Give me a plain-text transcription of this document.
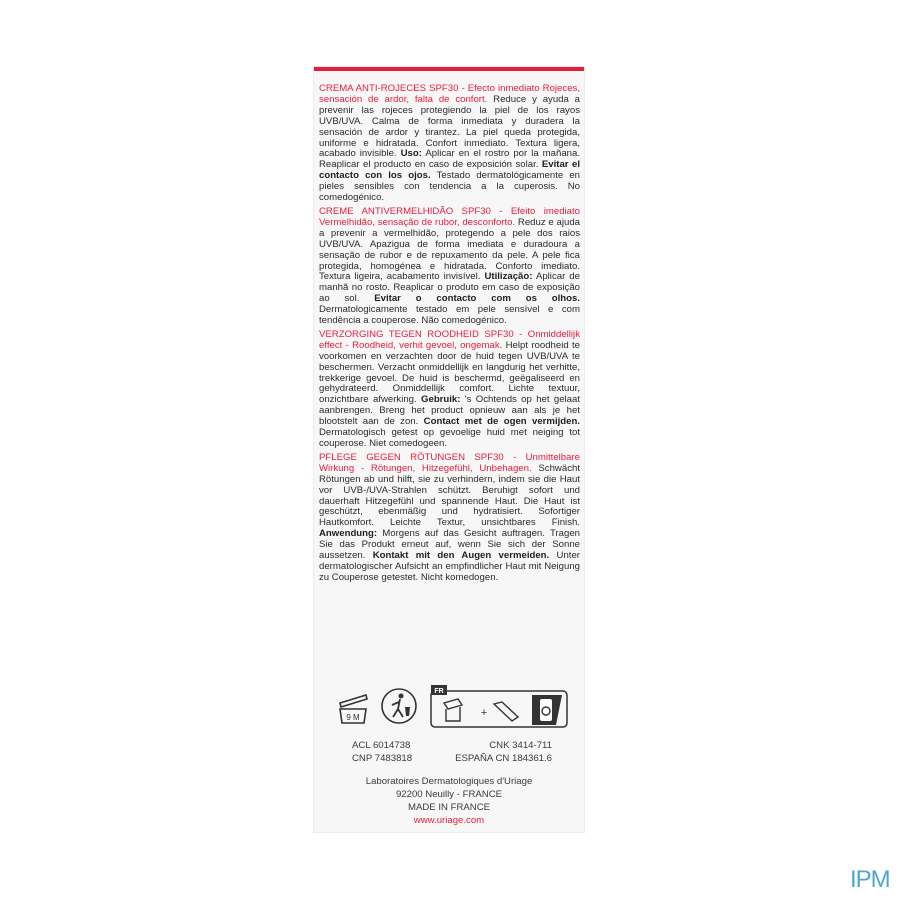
CREMA ANTI-ROJECES SPF30 - Efecto inmediato Rojeces, sensación de ardor, falta de confort. Reduce y ayuda a prevenir las rojeces protegiendo la piel de los rayos UVB/UVA. Calma de forma inmediata y duradera la sensación de ardor y tirantez. La piel queda protegida, uniforme e hidratada. Confort inmediato. Textura ligera, acabado invisible. Uso: Aplicar en el rostro por la mañana. Reaplicar el producto en caso de exposición solar. Evitar el contacto con los ojos. Testado dermatológicamente en pieles sensibles con tendencia a la cuperosis. No comedogénico.
CREME ANTIVERMELHIDÃO SPF30 - Efeito imediato Vermelhidão, sensação de rubor, desconforto. Reduz e ajuda a prevenir a vermelhidão, protegendo a pele dos raios UVB/UVA. Apazigua de forma imediata e duradoura a sensação de rubor e de repuxamento da pele. A pele fica protegida, homogénea e hidratada. Conforto imediato. Textura ligeira, acabamento invisível. Utilização: Aplicar de manhã no rosto. Reaplicar o produto em caso de exposição ao sol. Evitar o contacto com os olhos. Dermatologicamente testado em pele sensível e com tendência a couperose. Não comedogénico.
VERZORGING TEGEN ROODHEID SPF30 - Onmiddellijk effect - Roodheid, verhit gevoel, ongemak. Helpt roodheid te voorkomen en verzachten door de huid tegen UVB/UVA te beschermen. Verzacht onmiddellijk en langdurig het verhitte, trekkerige gevoel. De huid is beschermd, geëgaliseerd en gehydrateerd. Onmiddellijk comfort. Lichte textuur, onzichtbare afwerking. Gebruik: 's Ochtends op het gelaat aanbrengen. Breng het product opnieuw aan als je het blootstelt aan de zon. Contact met de ogen vermijden. Dermatologisch getest op gevoelige huid met neiging tot couperose. Niet comedogeen.
PFLEGE GEGEN RÖTUNGEN SPF30 - Unmittelbare Wirkung - Rötungen, Hitzegefühl, Unbehagen. Schwächt Rötungen ab und hilft, sie zu verhindern, indem sie die Haut vor UVB-/UVA-Strahlen schützt. Beruhigt sofort und dauerhaft Hitzegefühl und spannende Haut. Die Haut ist geschützt, ebenmäßig und hydratisiert. Sofortiger Hautkomfort. Leichte Textur, unsichtbares Finish. Anwendung: Morgens auf das Gesicht auftragen. Tragen Sie das Produkt erneut auf, wenn Sie sich der Sonne aussetzen. Kontakt mit den Augen vermeiden. Unter dermatologischer Aufsicht an empfindlicher Haut mit Neigung zu Couperose getestet. Nicht komedogen.
9 M
FR
+
ACL 6014738	CNK 3414-711
CNP 7483818	ESPAÑA CN 184361.6
Laboratoires Dermatologiques d'Uriage
92200 Neuilly - FRANCE
MADE IN FRANCE
www.uriage.com
IPM
